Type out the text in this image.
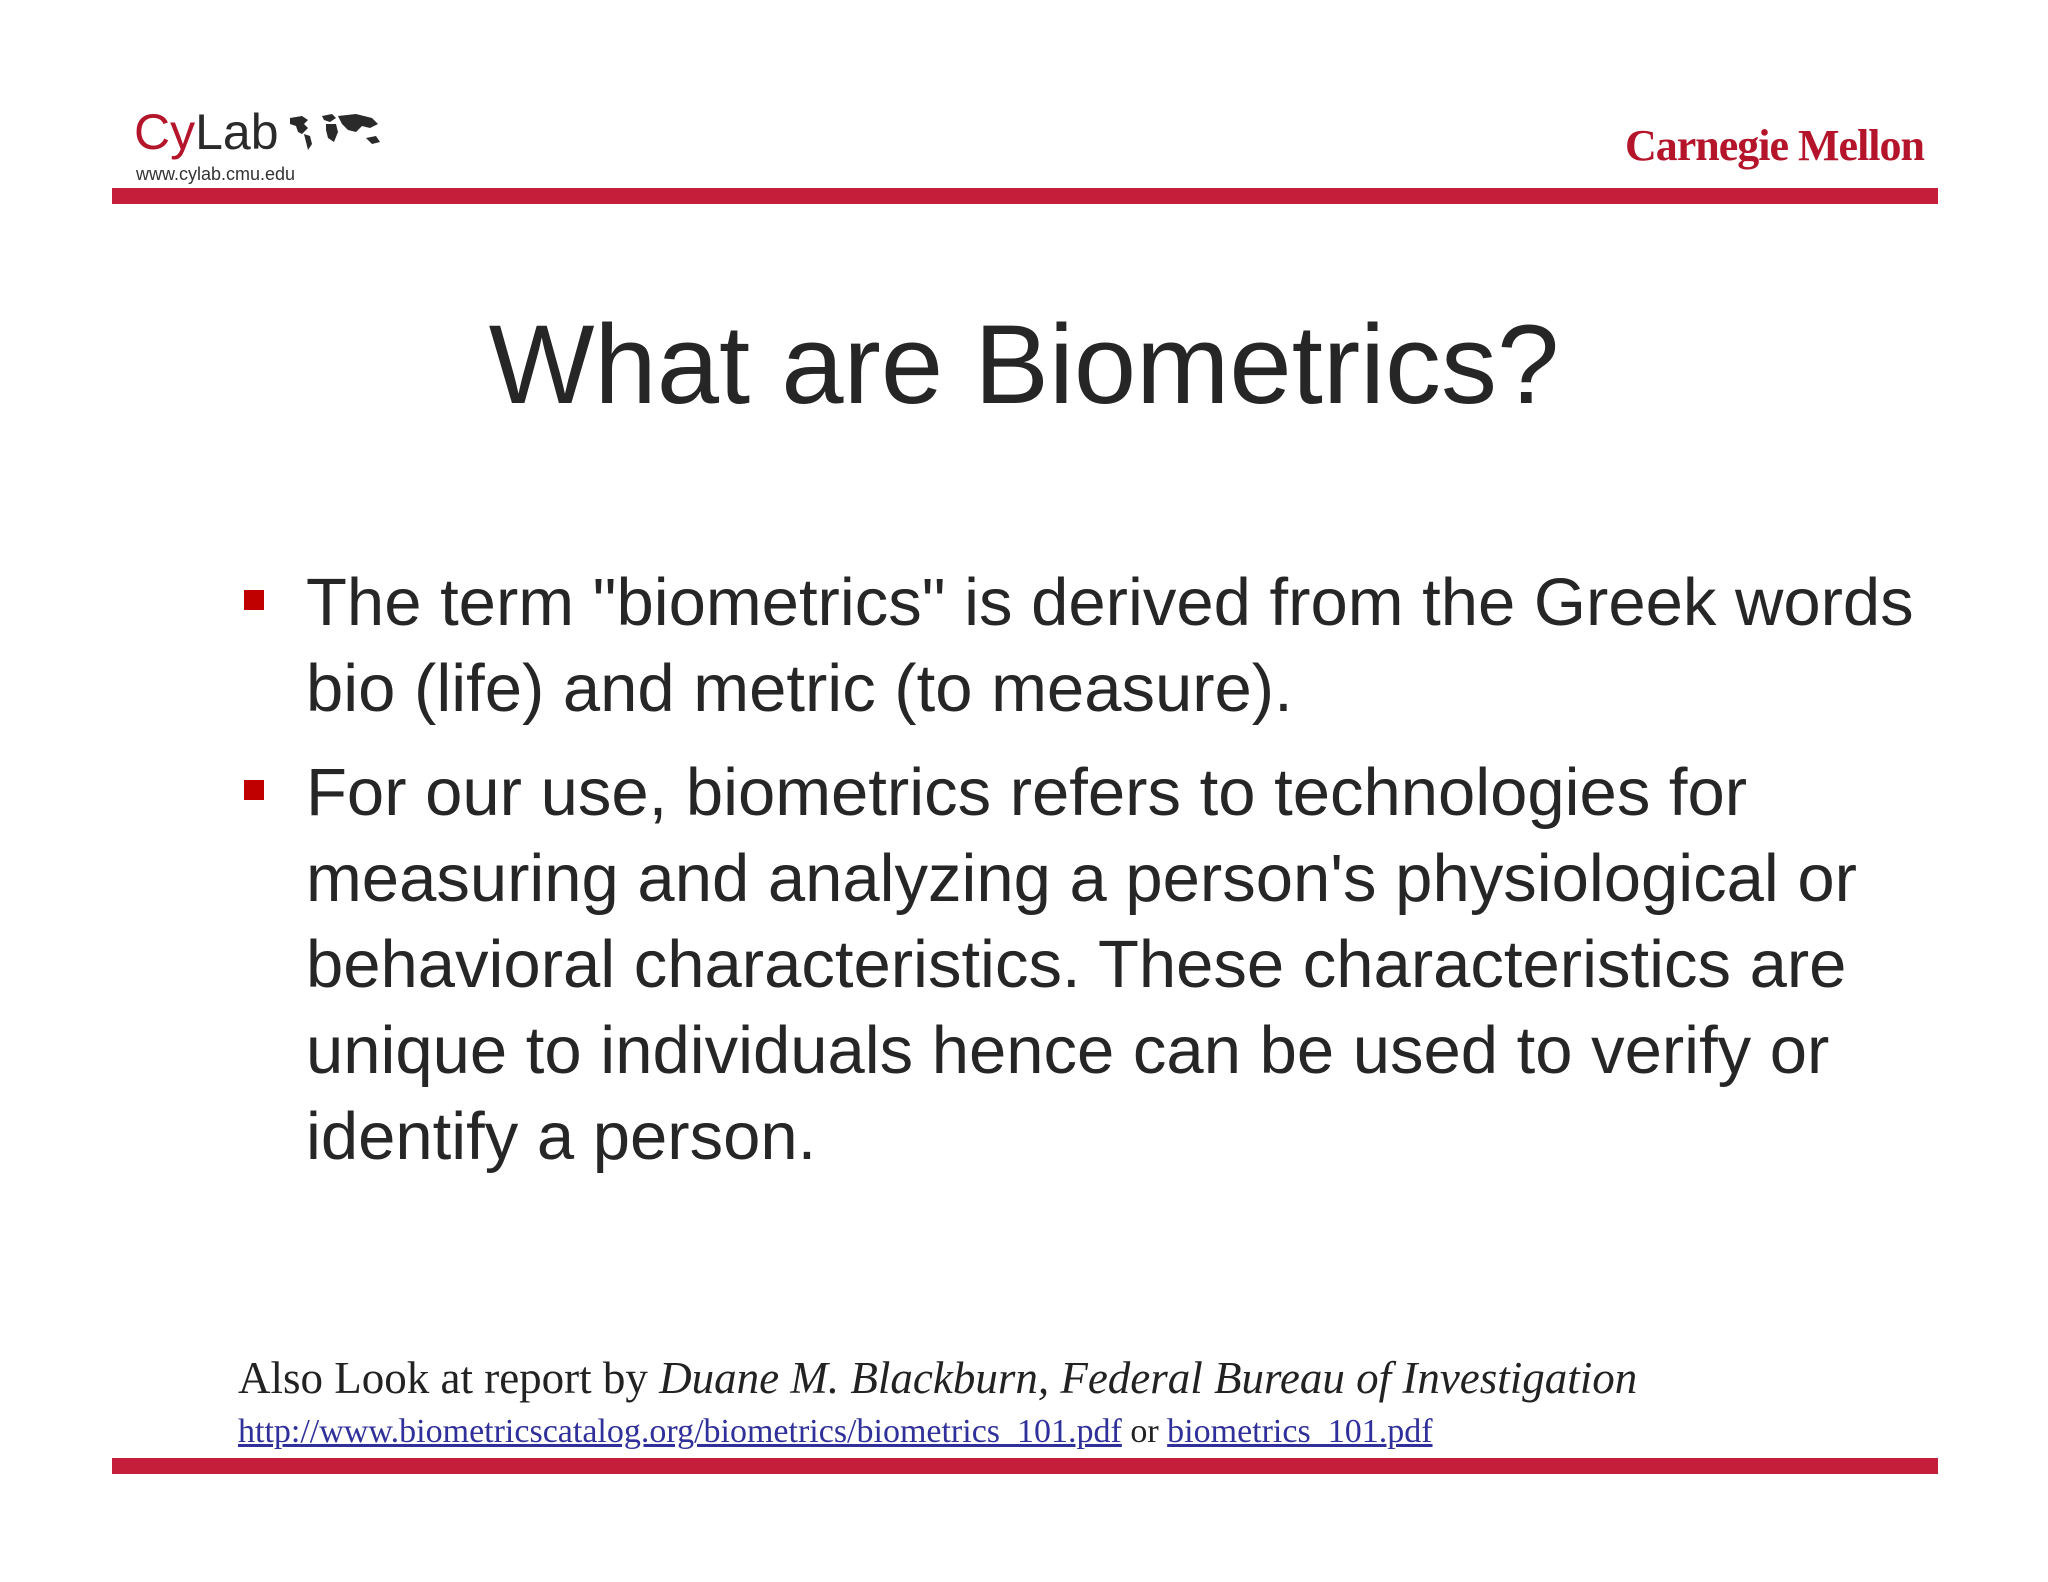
CyLab
www.cylab.cmu.edu
Carnegie Mellon
What are Biometrics?
The term "biometrics" is derived from the Greek words bio (life) and metric (to measure).
For our use, biometrics refers to technologies for measuring and analyzing a person's physiological or behavioral characteristics. These characteristics are unique to individuals hence can be used to verify or identify a person.
Also Look at report by Duane M. Blackburn, Federal Bureau of Investigation
http://www.biometricscatalog.org/biometrics/biometrics_101.pdf or biometrics_101.pdf
